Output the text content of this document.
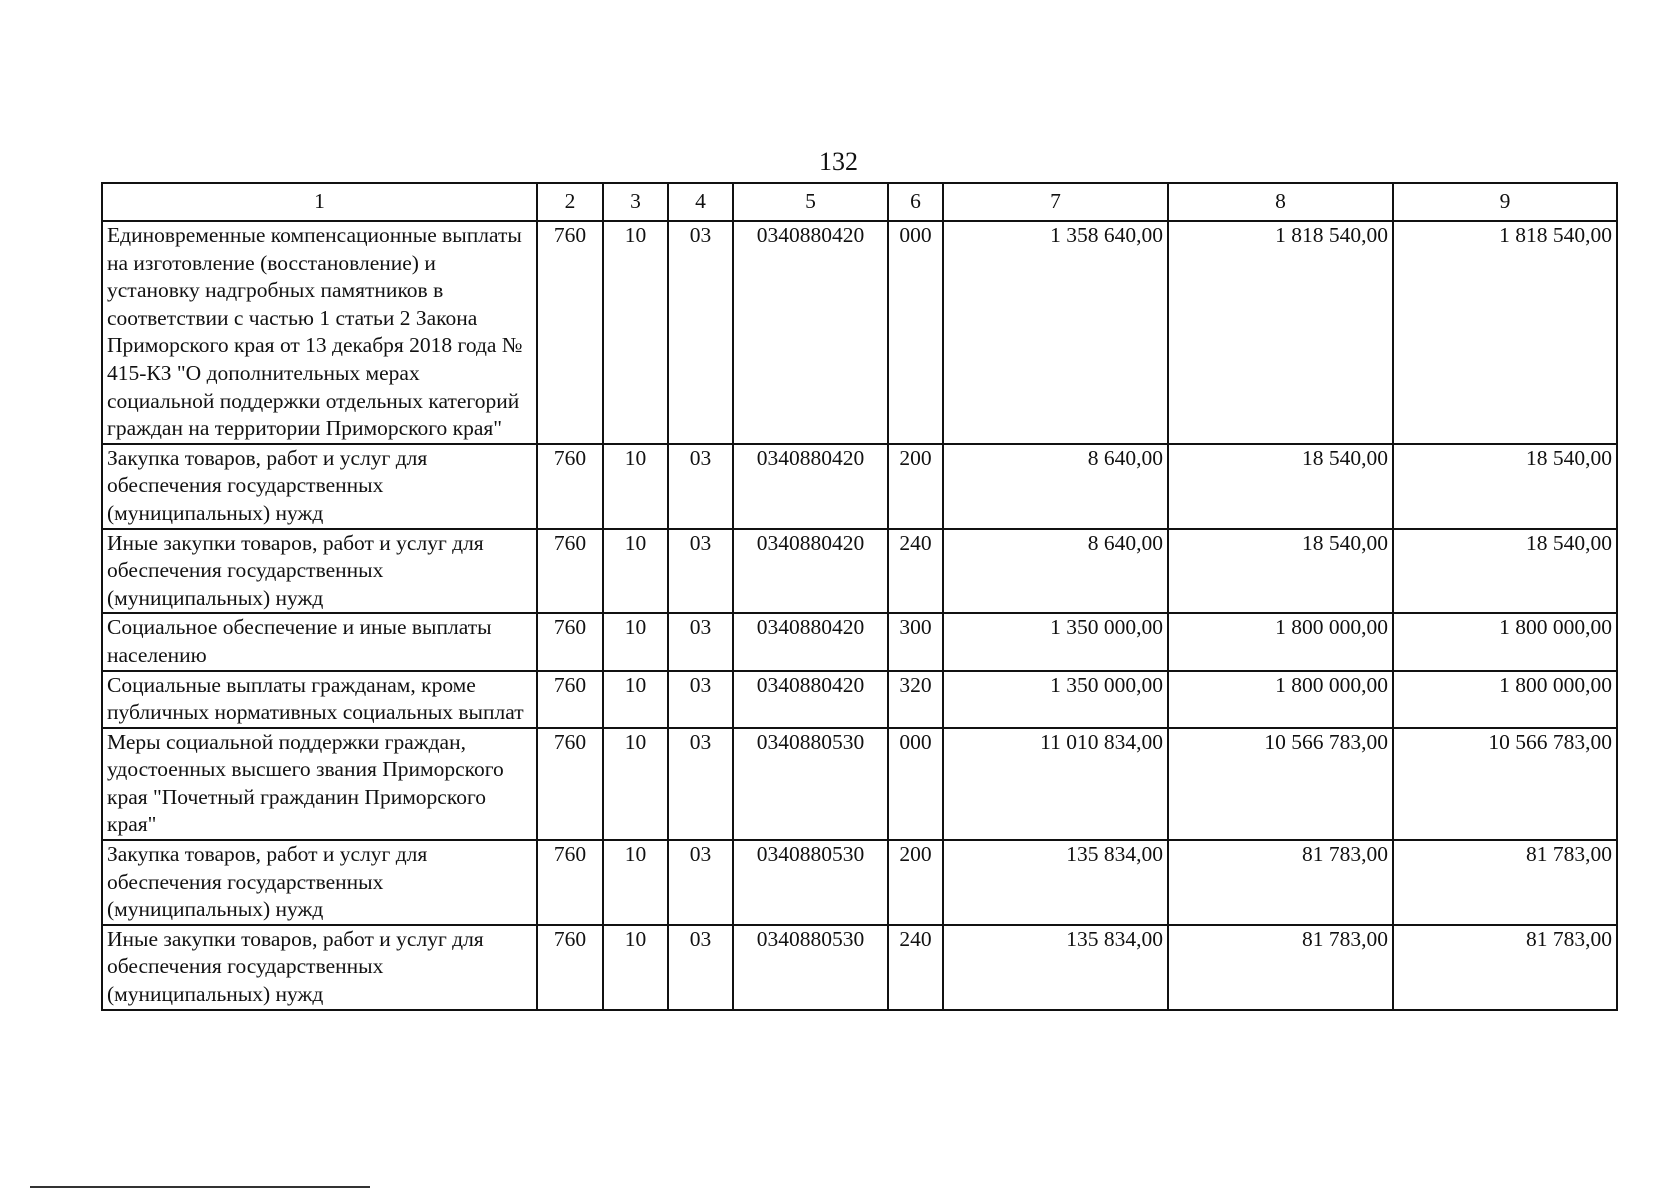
132
1	2	3	4	5	6	7	8	9
Единовременные компенсационные выплаты на изготовление (восстановление) и установку надгробных памятников в соответствии с частью 1 статьи 2 Закона Приморского края от 13 декабря 2018 года № 415-КЗ "О дополнительных мерах социальной поддержки отдельных категорий граждан на территории Приморского края"	760	10	03	0340880420	000	1 358 640,00	1 818 540,00	1 818 540,00
Закупка товаров, работ и услуг для обеспечения государственных (муниципальных) нужд	760	10	03	0340880420	200	8 640,00	18 540,00	18 540,00
Иные закупки товаров, работ и услуг для обеспечения государственных (муниципальных) нужд	760	10	03	0340880420	240	8 640,00	18 540,00	18 540,00
Социальное обеспечение и иные выплаты населению	760	10	03	0340880420	300	1 350 000,00	1 800 000,00	1 800 000,00
Социальные выплаты гражданам, кроме публичных нормативных социальных выплат	760	10	03	0340880420	320	1 350 000,00	1 800 000,00	1 800 000,00
Меры социальной поддержки граждан, удостоенных высшего звания Приморского края "Почетный гражданин Приморского края"	760	10	03	0340880530	000	11 010 834,00	10 566 783,00	10 566 783,00
Закупка товаров, работ и услуг для обеспечения государственных (муниципальных) нужд	760	10	03	0340880530	200	135 834,00	81 783,00	81 783,00
Иные закупки товаров, работ и услуг для обеспечения государственных (муниципальных) нужд	760	10	03	0340880530	240	135 834,00	81 783,00	81 783,00
